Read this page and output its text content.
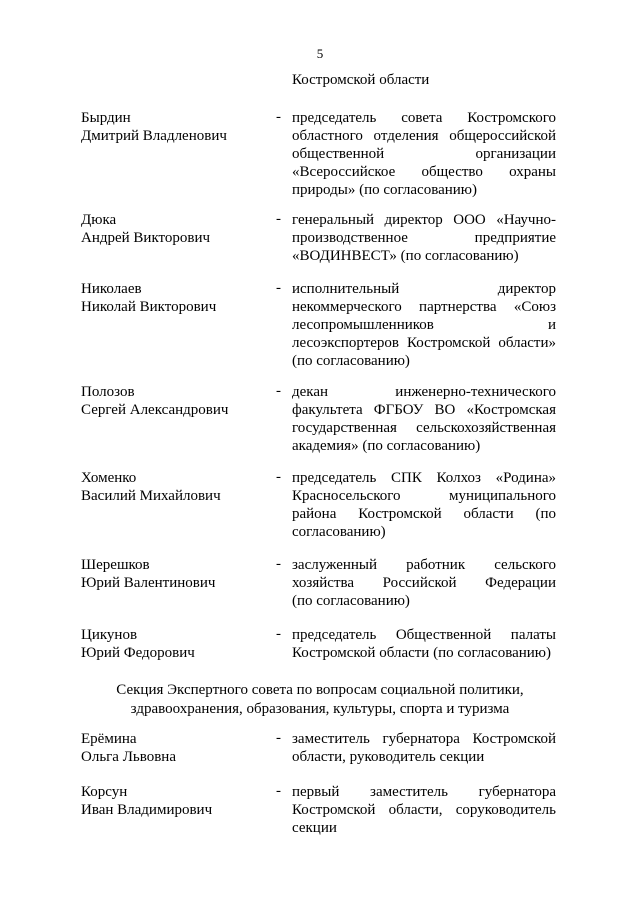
5
Костромской области
Бырдин
Дмитрий Владленович
- председатель совета Костромского
областного отделения общероссийской
общественной организации
«Всероссийское общество охраны
природы» (по согласованию)
Дюка
Андрей Викторович
- генеральный директор ООО «Научно-
производственное предприятие
«ВОДИНВЕСТ» (по согласованию)
Николаев
Николай Викторович
- исполнительный директор
некоммерческого партнерства «Союз
лесопромышленников и
лесоэкспортеров Костромской области»
(по согласованию)
Полозов
Сергей Александрович
- декан инженерно-технического
факультета ФГБОУ ВО «Костромская
государственная сельскохозяйственная
академия» (по согласованию)
Хоменко
Василий Михайлович
- председатель СПК Колхоз «Родина»
Красносельского муниципального
района Костромской области (по
согласованию)
Шерешков
Юрий Валентинович
- заслуженный работник сельского
хозяйства Российской Федерации
(по согласованию)
Цикунов
Юрий Федорович
- председатель Общественной палаты
Костромской области (по согласованию)
Секция Экспертного совета по вопросам социальной политики,
здравоохранения, образования, культуры, спорта и туризма
Ерёмина
Ольга Львовна
- заместитель губернатора Костромской
области, руководитель секции
Корсун
Иван Владимирович
- первый заместитель губернатора
Костромской области, соруководитель
секции
